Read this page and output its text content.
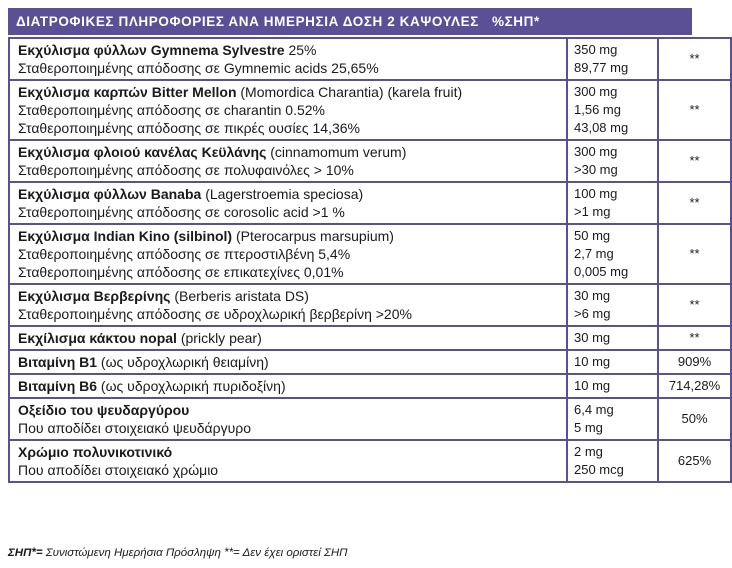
ΔΙΑΤΡΟΦΙΚΕΣ ΠΛΗΡΟΦΟΡΙΕΣ ΑΝΑ ΗΜΕΡΗΣΙΑ ΔΟΣΗ 2 ΚΑΨΟΥΛΕΣ %ΣΗΠ*
Εκχύλισμα φύλλων Gymnema Sylvestre 25%
Σταθεροποιημένης απόδοσης σε Gymnemic acids 25,65%	350 mg
89,77 mg	**

Εκχύλισμα καρπών Bitter Mellon (Momordica Charantia) (karela fruit)
Σταθεροποιημένης απόδοσης σε charantin 0.52%
Σταθεροποιημένης απόδοσης σε πικρές ουσίες 14,36%	300 mg
1,56 mg
43,08 mg	**

Εκχύλισμα φλοιού κανέλας Κεϋλάνης (cinnamomum verum)
Σταθεροποιημένης απόδοσης σε πολυφαινόλες > 10%	300 mg
>30 mg	**

Εκχύλισμα φύλλων Banaba (Lagerstroemia speciosa)
Σταθεροποιημένης απόδοσης σε corosolic acid >1 %	100 mg
>1 mg	**

Εκχύλισμα Indian Kino (silbinol) (Pterocarpus marsupium)
Σταθεροποιημένης απόδοσης σε πτεροστιλβένη 5,4%
Σταθεροποιημένης απόδοσης σε επικατεχίνες 0,01%	50 mg
2,7 mg
0,005 mg	**

Εκχύλισμα Βερβερίνης (Berberis aristata DS)
Σταθεροποιημένης απόδοσης σε υδροχλωρική βερβερίνη >20%	30 mg
>6 mg	**

Εκχίλισμα κάκτου nopal (prickly pear)	30 mg	**

Βιταμίνη Β1 (ως υδροχλωρική θειαμίνη)	10 mg	909%

Βιταμίνη Β6 (ως υδροχλωρική πυριδοξίνη)	10 mg	714,28%

Οξείδιο του ψευδαργύρου
Που αποδίδει στοιχειακό ψευδάργυρο	6,4 mg
5 mg	50%

Χρώμιο πολυνικοτινικό
Που αποδίδει στοιχειακό χρώμιο	2 mg
250 mcg	625%
ΣΗΠ*= Συνιστώμενη Ημερήσια Πρόσληψη **= Δεν έχει οριστεί ΣΗΠ
